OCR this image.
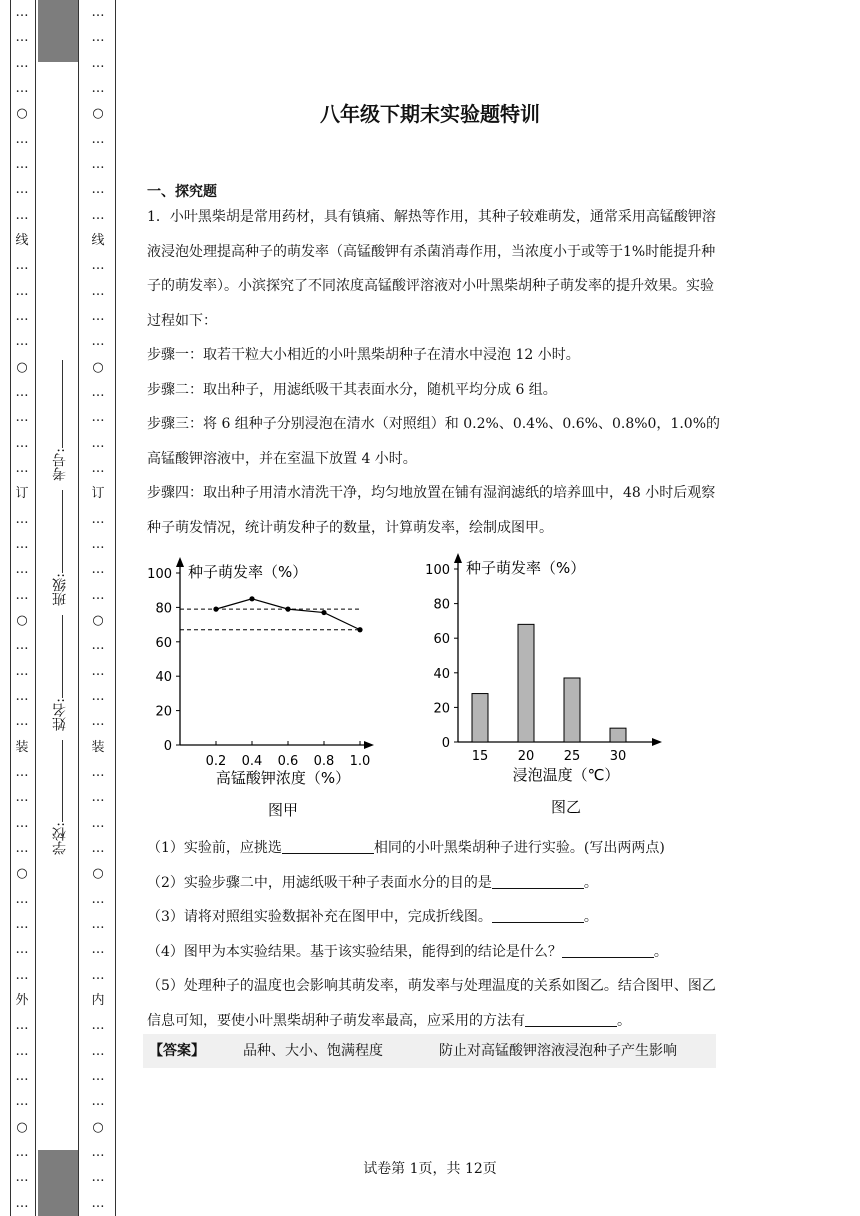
…
…
…
…
○
…
…
…
…
线
…
…
…
…
○
…
…
…
…
订
…
…
…
…
○
…
…
…
…
装
…
…
…
…
○
…
…
…
…
外
…
…
…
…
○
…
…
…
…
…
…
…
○
…
…
…
…
线
…
…
…
…
○
…
…
…
…
订
…
…
…
…
○
…
…
…
…
装
…
…
…
…
○
…
…
…
…
内
…
…
…
…
○
…
…
…
考号:
班级:
姓名:
学校:
八年级下期末实验题特训
一、探究题

1．小叶黑柴胡是常用药材，具有镇痛、解热等作用，其种子较难萌发，通常采用高锰酸钾溶液浸泡处理提高种子的萌发率（高锰酸钾有杀菌消毒作用，当浓度小于或等于1%时能提升种子的萌发率）。小滨探究了不同浓度高锰酸评溶液对小叶黑柴胡种子萌发率的提升效果。实验过程如下：

步骤一：取若干粒大小相近的小叶黑柴胡种子在清水中浸泡 12 小时。

步骤二：取出种子，用滤纸吸干其表面水分，随机平均分成 6 组。

步骤三：将 6 组种子分别浸泡在清水（对照组）和 0.2%、0.4%、0.6%、0.8%0，1.0%的高锰酸钾溶液中，并在室温下放置 4 小时。

步骤四：取出种子用清水清洗干净，均匀地放置在铺有湿润滤纸的培养皿中，48 小时后观察种子萌发情况，统计萌发种子的数量，计算萌发率，绘制成图甲。

0
20
40
60
80
100 种子萌发率（%）
高锰酸钾浓度（%）
图甲
0.2 0.4 0.6 0.8 1.0
0
20
40
60
80
100 种子萌发率（%）
浸泡温度（℃）
图乙
15 20 25 30

（1）实验前，应挑选	相同的小叶黑柴胡种子进行实验。(写出两两点)

（2）实验步骤二中，用滤纸吸干种子表面水分的目的是	。

（3）请将对照组实验数据补充在图甲中，完成折线图。	。

（4）图甲为本实验结果。基于该实验结果，能得到的结论是什么？	。

（5）处理种子的温度也会影响其萌发率，萌发率与处理温度的关系如图乙。结合图甲、图乙信息可知，要使小叶黑柴胡种子萌发率最高，应采用的方法有	。

【答案】	品种、大小、饱满程度	防止对高锰酸钾溶液浸泡种子产生影响
试卷第 1页，共 12页
